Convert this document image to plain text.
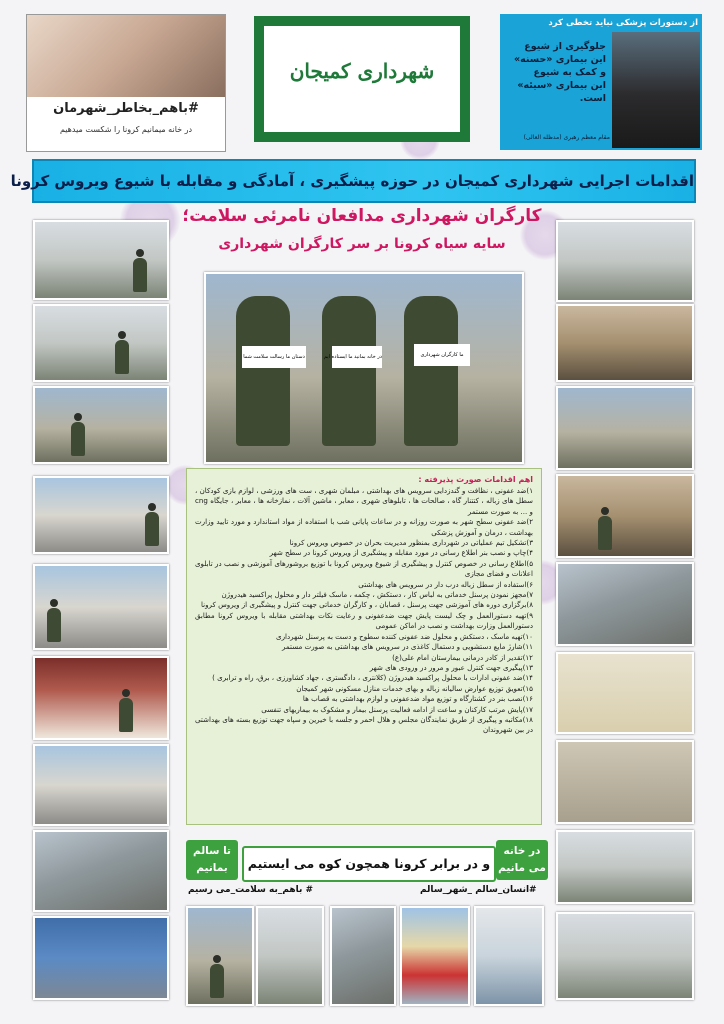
#باهم_بخاطر_شهرمان
در خانه میمانیم کرونا را شکست میدهیم
شهرداری کمیجان
از دستورات پزشکی نباید تخطی کرد
جلوگیری از شیوع
این بیماری «حسنه»
و کمک به شیوع
این بیماری «سیئه»
است.
مقام معظم رهبری (مدظله العالی)
اقدامات اجرایی شهرداری کمیجان در حوزه پیشگیری ، آمادگی و مقابله با شیوع ویروس کرونا
کارگران شهرداری مدافعان نامرئی سلامت؛
سایه سیاه کرونا بر سر کارگران شهرداری
دستان ما رسالت سلامت شما	در خانه بمانید ما ایستاده ایم	ما کارگران شهرداری
اهم اقدامات صورت پذیرفته :

۱)ضد عفونی ، نظافت و گندزدایی سرویس های بهداشتی ، مبلمان شهری ، ست های ورزشی ، لوازم بازی کودکان ، سطل های زباله ، کتتنار گاه ، صالحات ها ، تابلوهای شهری ، معابر ، ماشین آلات ، نمازخانه ها ، معابر ، جایگاه cng و ... به صورت مستمر

۲)ضد عفونی سطح شهر به صورت روزانه و در ساعات پایانی شب با استفاده از مواد استاندارد و مورد تایید وزارت بهداشت ، درمان و آموزش پزشکی

۳)تشکیل تیم عملیاتی در شهرداری بمنظور مدیریت بحران در خصوص ویروس کرونا

۴)چاپ و نصب بنر اطلاع رسانی در مورد مقابله و پیشگیری از ویروس کرونا در سطح شهر

۵)اطلاع رسانی در خصوص کنترل و پیشگیری از شیوع ویروس کرونا با توزیع بروشورهای آموزشی و نصب در تابلوی اعلانات و فضای مجازی

۶)استفاده از سطل زباله درب دار در سرویس های بهداشتی

۷)مجهز نمودن پرسنل خدماتی به لباس کار ، دستکش ، چکمه ، ماسک فیلتر دار و محلول پراکسید هیدروژن

۸)برگزاری دوره های آموزشی جهت پرسنل ، قصابان ، و کارگران خدماتی جهت کنترل و پیشگیری از ویروس کرونا

۹)تهیه دستورالعمل و چک لیست پایش جهت ضدعفونی و رعایت نکات بهداشتی مقابله با ویروس کرونا مطابق دستورالعمل وزارت بهداشت و نصب در اماکن عمومی

۱۰)تهیه ماسک ، دستکش و محلول ضد عفونی کننده سطوح و دست به پرسنل شهرداری

۱۱)شارژ مایع دستشویی و دستمال کاغذی در سرویس های بهداشتی به صورت مستمر

۱۲)تقدیر از کادر درمانی بیمارستان امام علی(ع)

۱۳)پیگیری جهت کنترل عبور و مرور در ورودی های شهر

۱۴)ضد عفونی ادارات با محلول پراکسید هیدروژن (کلانتری ، دادگستری ، جهاد کشاورزی ، برق، راه و ترابری )

۱۵)تعویق توزیع عوارض سالیانه زباله و بهای خدمات منازل مسکونی شهر کمیجان

۱۶)نصب بنر در کشتارگاه و توزیع مواد ضدعفونی و لوازم بهداشتی به قصاب ها

۱۷)پایش مرتب کارکنان و ساعت از ادامه فعالیت پرسنل بیمار و مشکوک به بیماریهای تنفسی

۱۸)مکاتبه و پیگیری از طریق نمایندگان مجلس و هلال احمر و جلسه با خیرین و سپاه جهت توزیع بسته های بهداشتی در بین شهروندان

تا سالم
بمانیم	و در برابر کرونا همچون کوه می ایستیم
در خانه
می مانیم
# باهم_به سلامت_می رسیم	#انسان_سالم _شهر_سالم
